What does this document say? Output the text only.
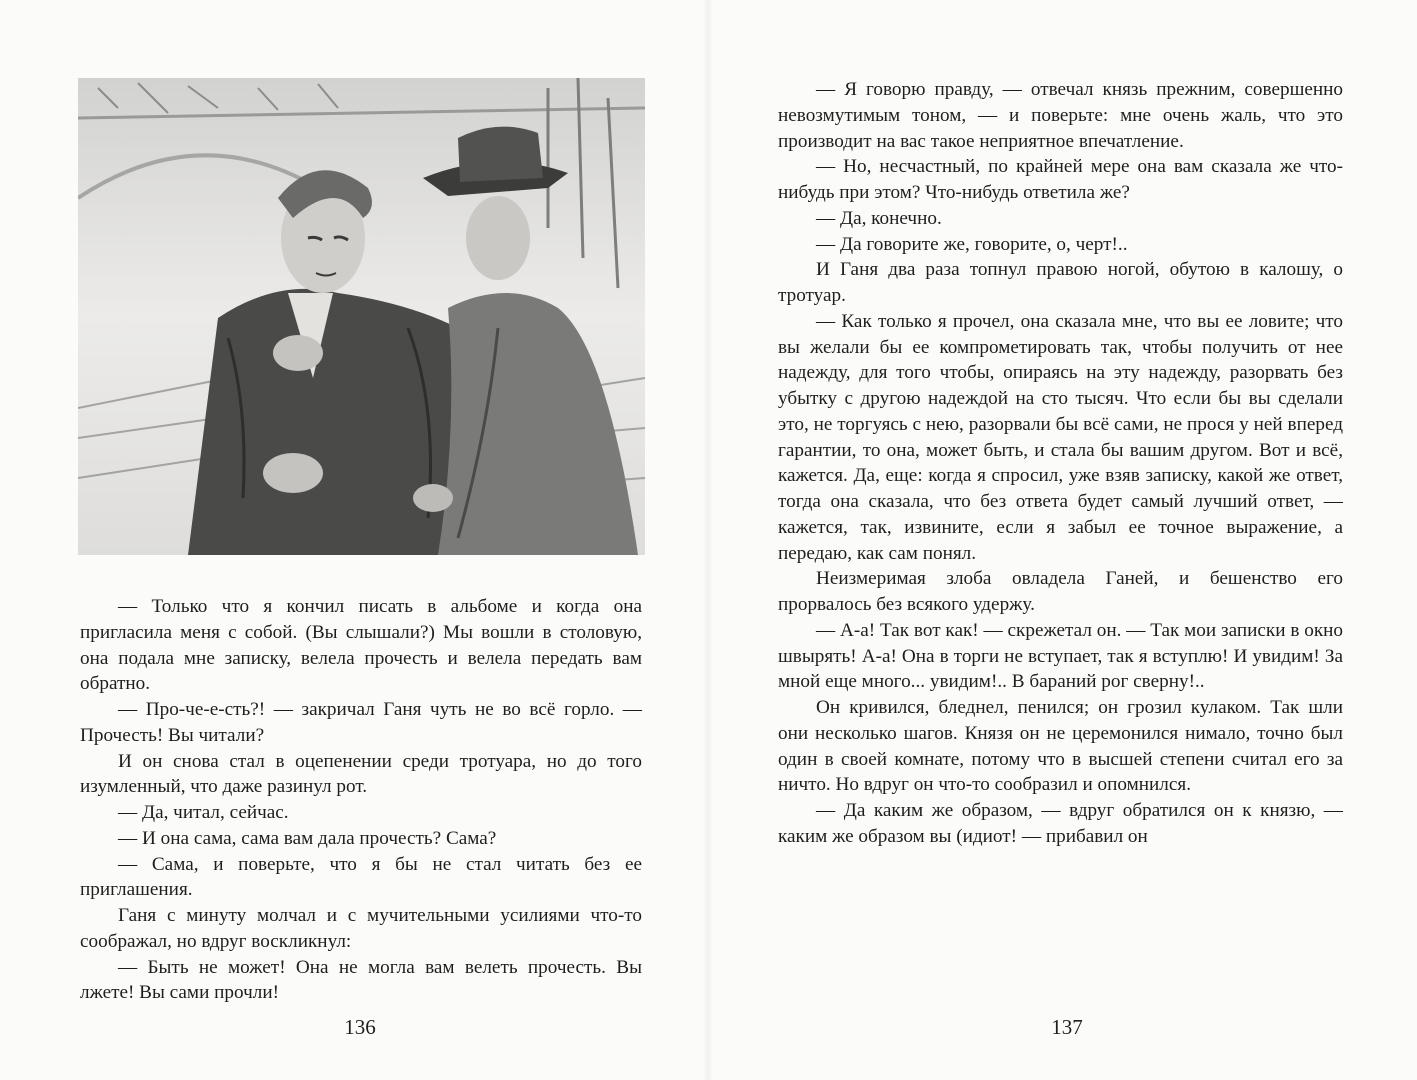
— Только что я кончил писать в альбоме и когда она пригласила меня с собой. (Вы слышали?) Мы вошли в столовую, она подала мне записку, велела прочесть и велела передать вам обратно.

— Про-че-е-сть?! — закричал Ганя чуть не во всё горло. — Прочесть! Вы читали?

И он снова стал в оцепенении среди тротуара, но до того изумленный, что даже разинул рот.

— Да, читал, сейчас.

— И она сама, сама вам дала прочесть? Сама?

— Сама, и поверьте, что я бы не стал читать без ее приглашения.

Ганя с минуту молчал и с мучительными усилиями что-то соображал, но вдруг воскликнул:

— Быть не может! Она не могла вам велеть прочесть. Вы лжете! Вы сами прочли!

136

— Я говорю правду, — отвечал князь прежним, совершенно невозмутимым тоном, — и поверьте: мне очень жаль, что это производит на вас такое неприятное впечатление.

— Но, несчастный, по крайней мере она вам сказала же что-нибудь при этом? Что-нибудь ответила же?

— Да, конечно.

— Да говорите же, говорите, о, черт!..

И Ганя два раза топнул правою ногой, обутою в калошу, о тротуар.

— Как только я прочел, она сказала мне, что вы ее ловите; что вы желали бы ее компрометировать так, чтобы получить от нее надежду, для того чтобы, опираясь на эту надежду, разорвать без убытку с другою надеждой на сто тысяч. Что если бы вы сделали это, не торгуясь с нею, разорвали бы всё сами, не прося у ней вперед гарантии, то она, может быть, и стала бы вашим другом. Вот и всё, кажется. Да, еще: когда я спросил, уже взяв записку, какой же ответ, тогда она сказала, что без ответа будет самый лучший ответ, — кажется, так, извините, если я забыл ее точное выражение, а передаю, как сам понял.

Неизмеримая злоба овладела Ганей, и бешенство его прорвалось без всякого удержу.

— А-а! Так вот как! — скрежетал он. — Так мои записки в окно швырять! А-а! Она в торги не вступает, так я вступлю! И увидим! За мной еще много... увидим!.. В бараний рог сверну!..

Он кривился, бледнел, пенился; он грозил кулаком. Так шли они несколько шагов. Князя он не церемонился нимало, точно был один в своей комнате, потому что в высшей степени считал его за ничто. Но вдруг он что-то сообразил и опомнился.

— Да каким же образом, — вдруг обратился он к князю, — каким же образом вы (идиот! — прибавил он

137
